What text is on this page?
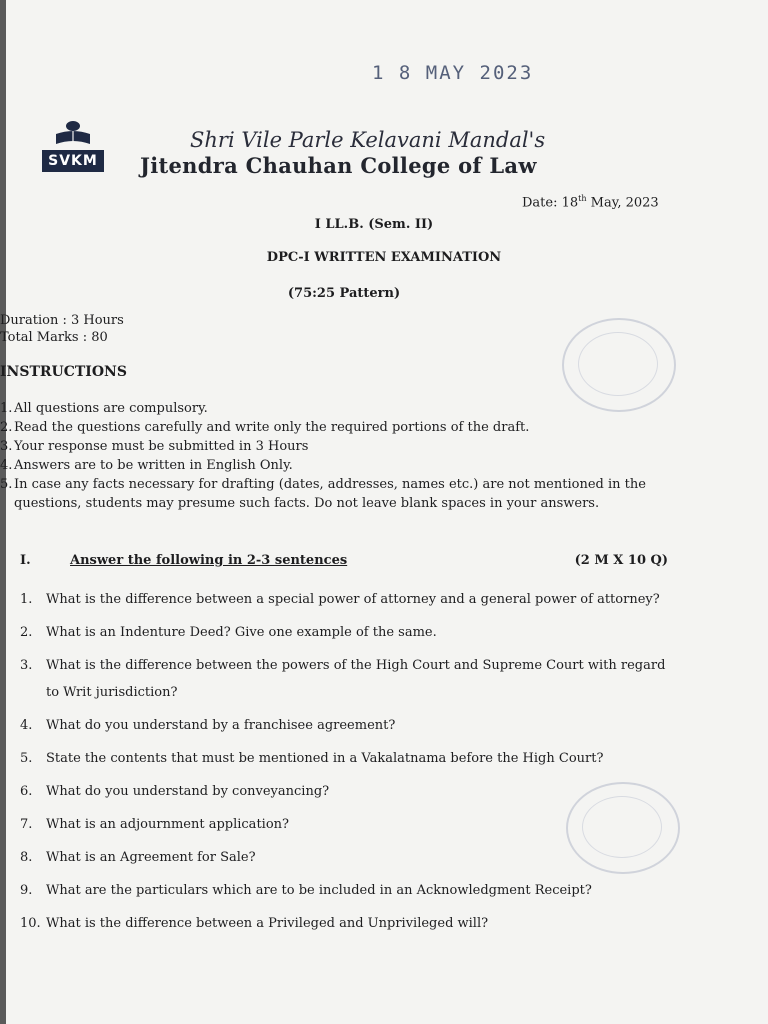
1 8 MAY 2023
SVKM
Shri Vile Parle Kelavani Mandal's
Jitendra Chauhan College of Law
Date: 18th May, 2023
I LL.B. (Sem. II)
DPC-I WRITTEN EXAMINATION
(75:25 Pattern)
Duration : 3 Hours
Total Marks : 80
INSTRUCTIONS
1. All questions are compulsory.
2. Read the questions carefully and write only the required portions of the draft.
3. Your response must be submitted in 3 Hours
4. Answers are to be written in English Only.
5. In case any facts necessary for drafting (dates, addresses, names etc.) are not mentioned in the questions, students may presume such facts. Do not leave blank spaces in your answers.
I.	Answer the following in 2-3 sentences	(2 M X 10 Q)
1.	What is the difference between a special power of attorney and a general power of attorney?
2.	What is an Indenture Deed? Give one example of the same.
3.	What is the difference between the powers of the High Court and Supreme Court with regard to Writ jurisdiction?
4.	What do you understand by a franchisee agreement?
5.	State the contents that must be mentioned in a Vakalatnama before the High Court?
6.	What do you understand by conveyancing?
7.	What is an adjournment application?
8.	What is an Agreement for Sale?
9.	What are the particulars which are to be included in an Acknowledgment Receipt?
10. What is the difference between a Privileged and Unprivileged will?
